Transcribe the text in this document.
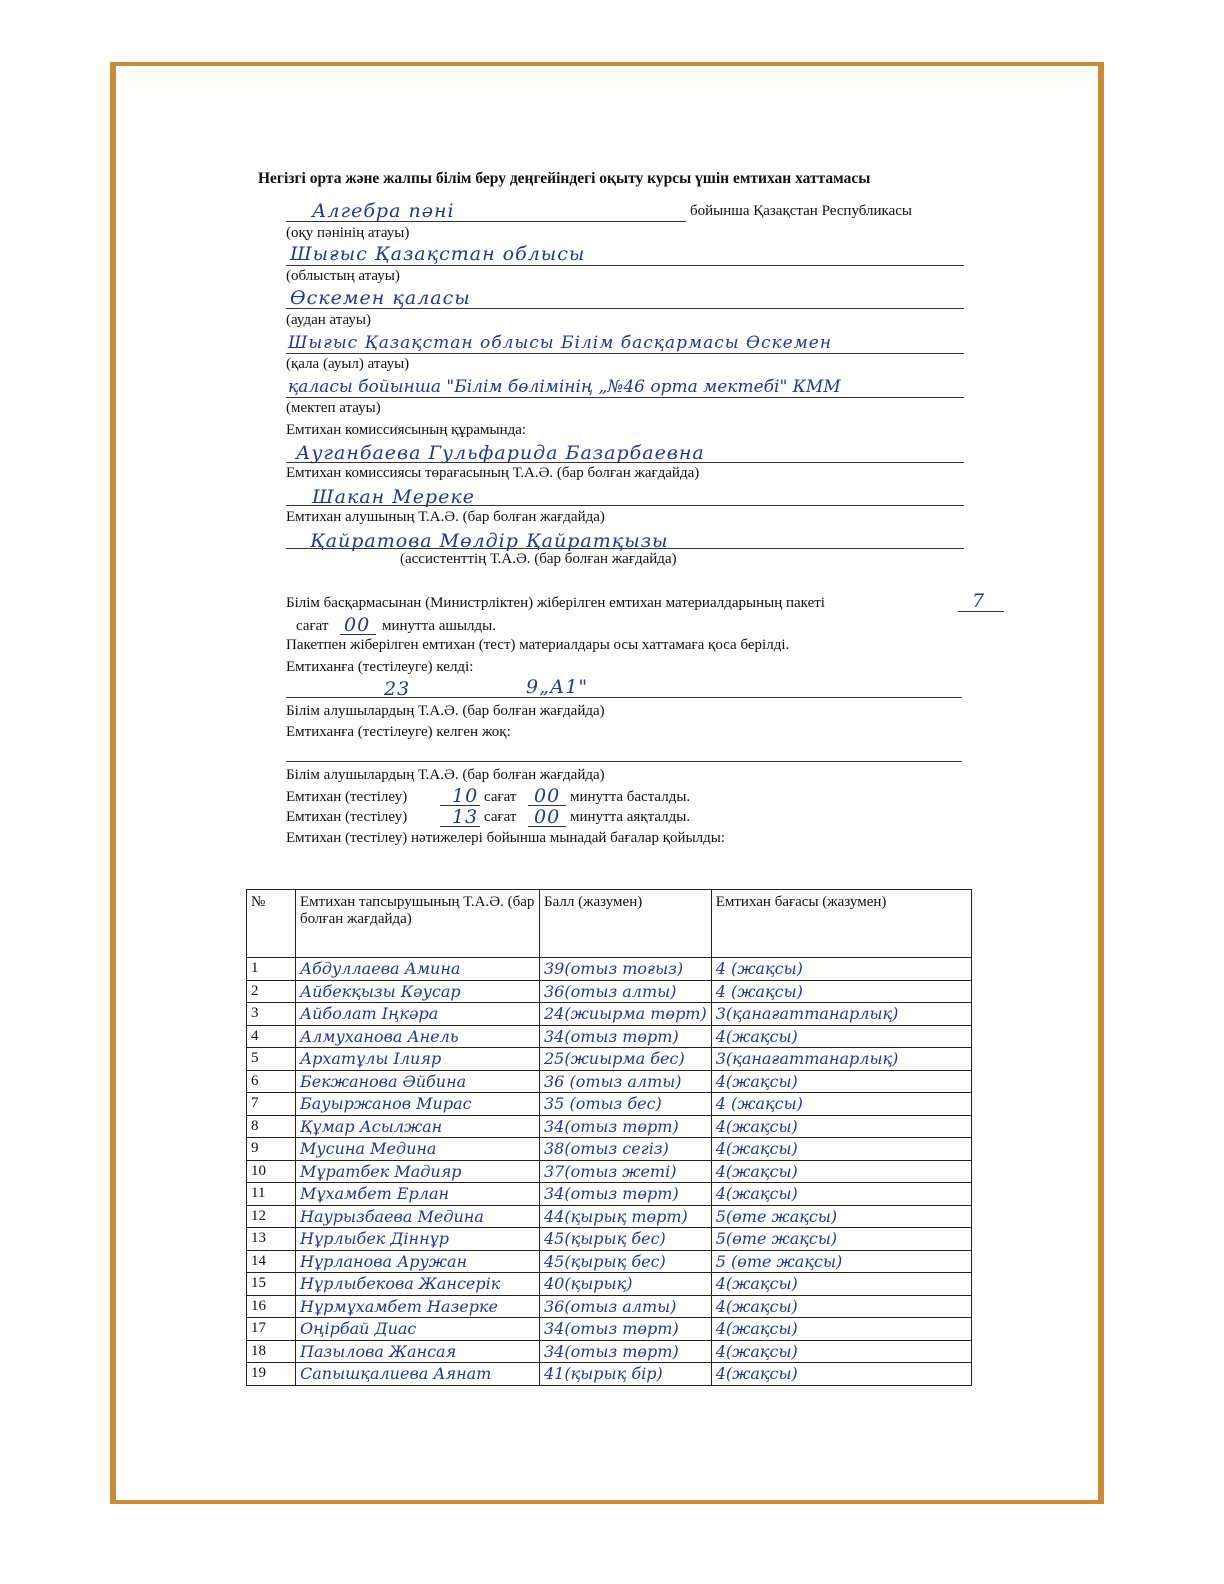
Негізгі орта және жалпы білім беру деңгейіндегі оқыту курсы үшін емтихан хаттамасы
Алгебра пәні	бойынша Қазақстан Республикасы
(оқу пәнінің атауы)
Шығыс Қазақстан облысы
(облыстың атауы)
Өскемен қаласы
(аудан атауы)
Шығыс Қазақстан облысы Білім басқармасы Өскемен
(қала (ауыл) атауы)
қаласы бойынша "Білім бөлімінің „№46 орта мектебі" КММ
(мектеп атауы)
Емтихан комиссиясының құрамында:
Ауганбаева Гульфарида Базарбаевна
Емтихан комиссиясы төрағасының Т.А.Ә. (бар болған жағдайда)
Шакан Мереке
Емтихан алушының Т.А.Ә. (бар болған жағдайда)
Қайратова Мөлдір Қайратқызы
(ассистенттің Т.А.Ә. (бар болған жағдайда)
Білім басқармасынан (Министрліктен) жіберілген емтихан материалдарының пакеті	7
сағат 00 минутта ашылды.
Пакетпен жіберілген емтихан (тест) материалдары осы хаттамаға қоса берілді.
Емтиханға (тестілеуге) келді:
23	9„А1"
Білім алушылардың Т.А.Ә. (бар болған жағдайда)
Емтиханға (тестілеуге) келген жоқ:
Білім алушылардың Т.А.Ә. (бар болған жағдайда)
Емтихан (тестілеу) 10 сағат 00 минутта басталды.
Емтихан (тестілеу) 13 сағат 00 минутта аяқталды.
Емтихан (тестілеу) нәтижелері бойынша мынадай бағалар қойылды:
№	Емтихан тапсырушының Т.А.Ә. (бар болған жағдайда)	Балл (жазумен)	Емтихан бағасы (жазумен)
1	Абдуллаева Амина	39(отыз тоғыз)	4 (жақсы)
2	Айбекқызы Кәусар	36(отыз алты)	4 (жақсы)
3	Айболат Іңкәра	24(жиырма төрт)	3(қанағаттанарлық)
4	Алмуханова Анель	34(отыз төрт)	4(жақсы)
5	Архатұлы Ілияр	25(жиырма бес)	3(қанағаттанарлық)
6	Бекжанова Әйбина	36 (отыз алты)	4(жақсы)
7	Бауыржанов Мирас	35 (отыз бес)	4 (жақсы)
8	Құмар Асылжан	34(отыз төрт)	4(жақсы)
9	Мусина Медина	38(отыз сегіз)	4(жақсы)
10	Мұратбек Мадияр	37(отыз жеті)	4(жақсы)
11	Мұхамбет Ерлан	34(отыз төрт)	4(жақсы)
12	Наурызбаева Медина	44(қырық төрт)	5(өте жақсы)
13	Нұрлыбек Діннұр	45(қырық бес)	5(өте жақсы)
14	Нұрланова Аружан	45(қырық бес)	5 (өте жақсы)
15	Нұрлыбекова Жансерік	40(қырық)	4(жақсы)
16	Нұрмұхамбет Назерке	36(отыз алты)	4(жақсы)
17	Оңірбай Диас	34(отыз төрт)	4(жақсы)
18	Пазылова Жансая	34(отыз төрт)	4(жақсы)
19	Сапышқалиева Аянат	41(қырық бір)	4(жақсы)
